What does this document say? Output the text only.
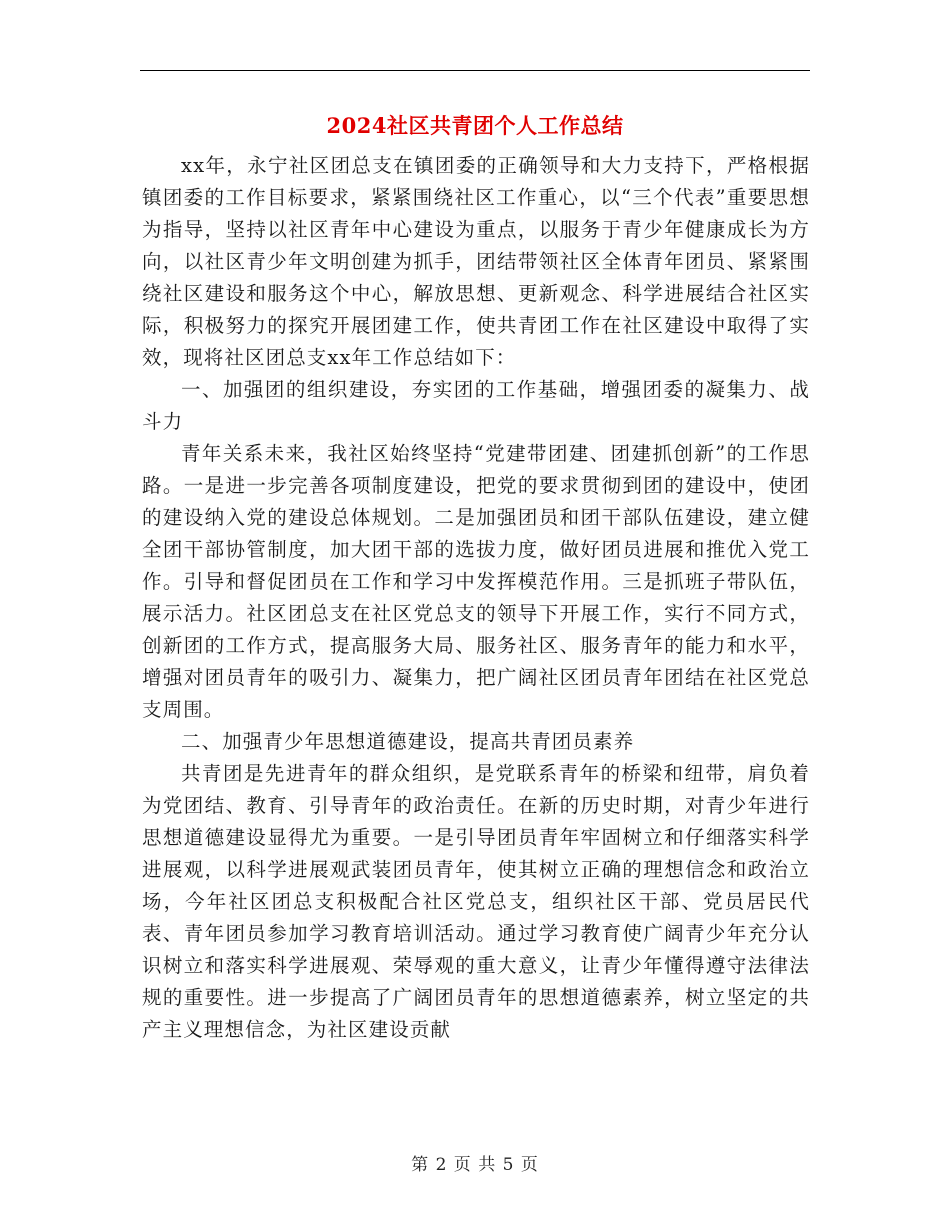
2024社区共青团个人工作总结

xx年，永宁社区团总支在镇团委的正确领导和大力支持下，严格根据镇团委的工作目标要求，紧紧围绕社区工作重心，以“三个代表”重要思想为指导，坚持以社区青年中心建设为重点，以服务于青少年健康成长为方向，以社区青少年文明创建为抓手，团结带领社区全体青年团员、紧紧围绕社区建设和服务这个中心，解放思想、更新观念、科学进展结合社区实际，积极努力的探究开展团建工作，使共青团工作在社区建设中取得了实效，现将社区团总支xx年工作总结如下：

一、加强团的组织建设，夯实团的工作基础，增强团委的凝集力、战斗力

青年关系未来，我社区始终坚持“党建带团建、团建抓创新”的工作思路。一是进一步完善各项制度建设，把党的要求贯彻到团的建设中，使团的建设纳入党的建设总体规划。二是加强团员和团干部队伍建设，建立健全团干部协管制度，加大团干部的选拔力度，做好团员进展和推优入党工作。引导和督促团员在工作和学习中发挥模范作用。三是抓班子带队伍，展示活力。社区团总支在社区党总支的领导下开展工作，实行不同方式，创新团的工作方式，提高服务大局、服务社区、服务青年的能力和水平，增强对团员青年的吸引力、凝集力，把广阔社区团员青年团结在社区党总支周围。

二、加强青少年思想道德建设，提高共青团员素养

共青团是先进青年的群众组织，是党联系青年的桥梁和纽带，肩负着为党团结、教育、引导青年的政治责任。在新的历史时期，对青少年进行思想道德建设显得尤为重要。一是引导团员青年牢固树立和仔细落实科学进展观，以科学进展观武装团员青年，使其树立正确的理想信念和政治立场，今年社区团总支积极配合社区党总支，组织社区干部、党员居民代表、青年团员参加学习教育培训活动。通过学习教育使广阔青少年充分认识树立和落实科学进展观、荣辱观的重大意义，让青少年懂得遵守法律法规的重要性。进一步提高了广阔团员青年的思想道德素养，树立坚定的共产主义理想信念，为社区建设贡献

第 2 页 共 5 页
